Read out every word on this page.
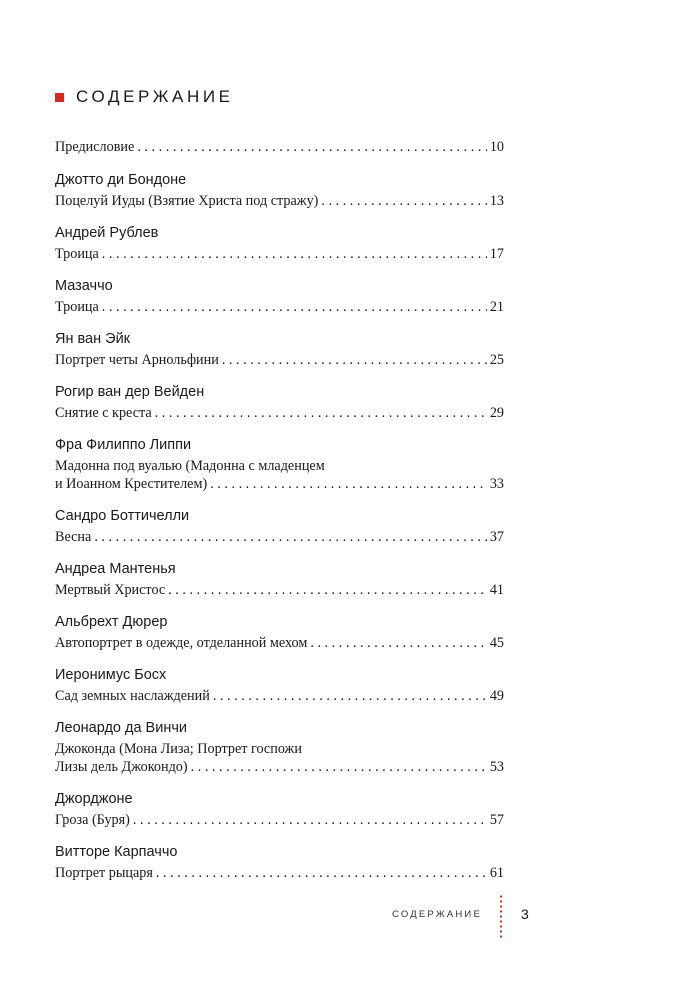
СОДЕРЖАНИЕ
Предисловие . . .	10
Джотто ди Бондоне
Поцелуй Иуды (Взятие Христа под стражу) . . .	13
Андрей Рублев
Троица . . .	17
Мазаччо
Троица . . .	21
Ян ван Эйк
Портрет четы Арнольфини . . .	25
Рогир ван дер Вейден
Снятие с креста . . .	29
Фра Филиппо Липпи
Мадонна под вуалью (Мадонна с младенцем
и Иоанном Крестителем) . . .	33
Сандро Боттичелли
Весна . . .	37
Андреа Мантенья
Мертвый Христос . . .	41
Альбрехт Дюрер
Автопортрет в одежде, отделанной мехом . . .	45
Иеронимус Босх
Сад земных наслаждений . . .	49
Леонардо да Винчи
Джоконда (Мона Лиза; Портрет госпожи
Лизы дель Джокондо) . . .	53
Джорджоне
Гроза (Буря) . . .	57
Витторе Карпаччо
Портрет рыцаря . . .	61
СОДЕРЖАНИЕ	3
